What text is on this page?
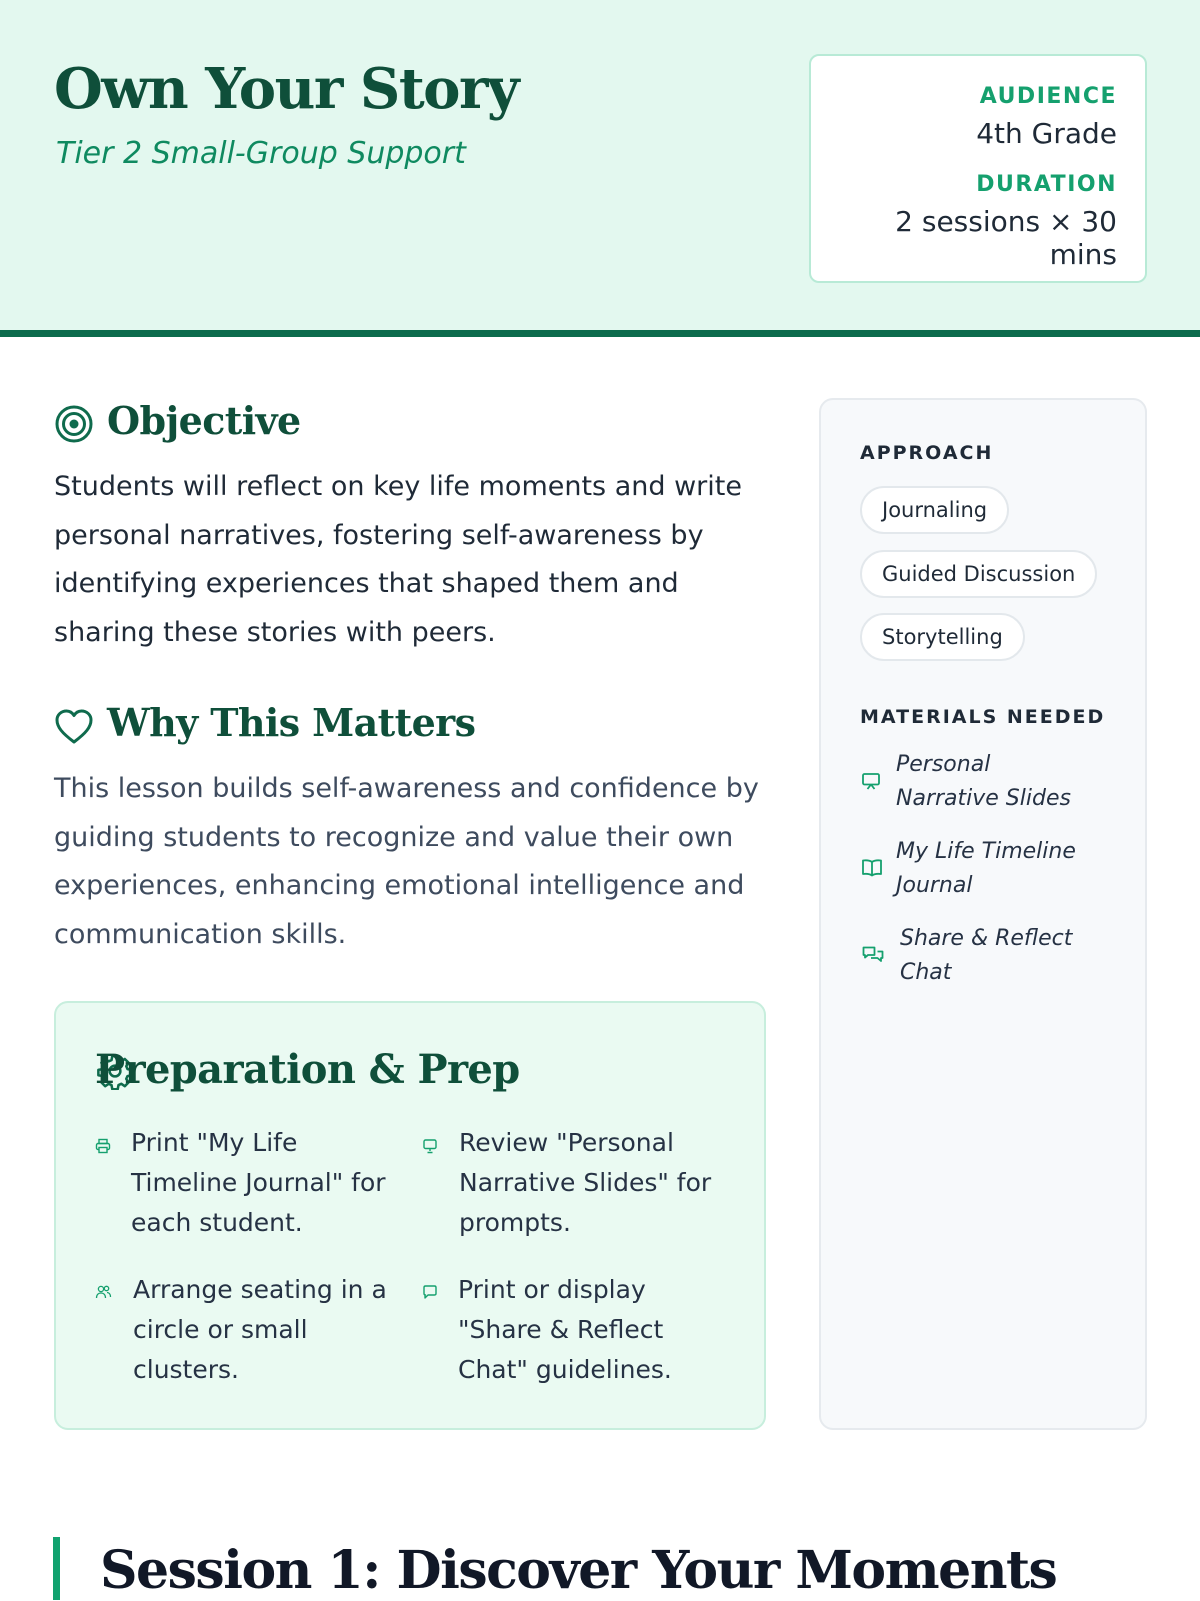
Own Your Story
Tier 2 Small-Group Support
AUDIENCE
4th Grade
DURATION
2 sessions × 30 mins
Objective
Students will reflect on key life moments and write personal narratives, fostering self-awareness by identifying experiences that shaped them and sharing these stories with peers.
Why This Matters
This lesson builds self-awareness and confidence by guiding students to recognize and value their own experiences, enhancing emotional intelligence and communication skills.
Preparation & Prep
Print "My Life Timeline Journal" for each student.
Review "Personal Narrative Slides" for prompts.
Arrange seating in a circle or small clusters.
Print or display "Share & Reflect Chat" guidelines.
APPROACH
Journaling
Guided Discussion
Storytelling
MATERIALS NEEDED
Personal Narrative Slides
My Life Timeline Journal
Share & Reflect Chat
Session 1: Discover Your Moments
